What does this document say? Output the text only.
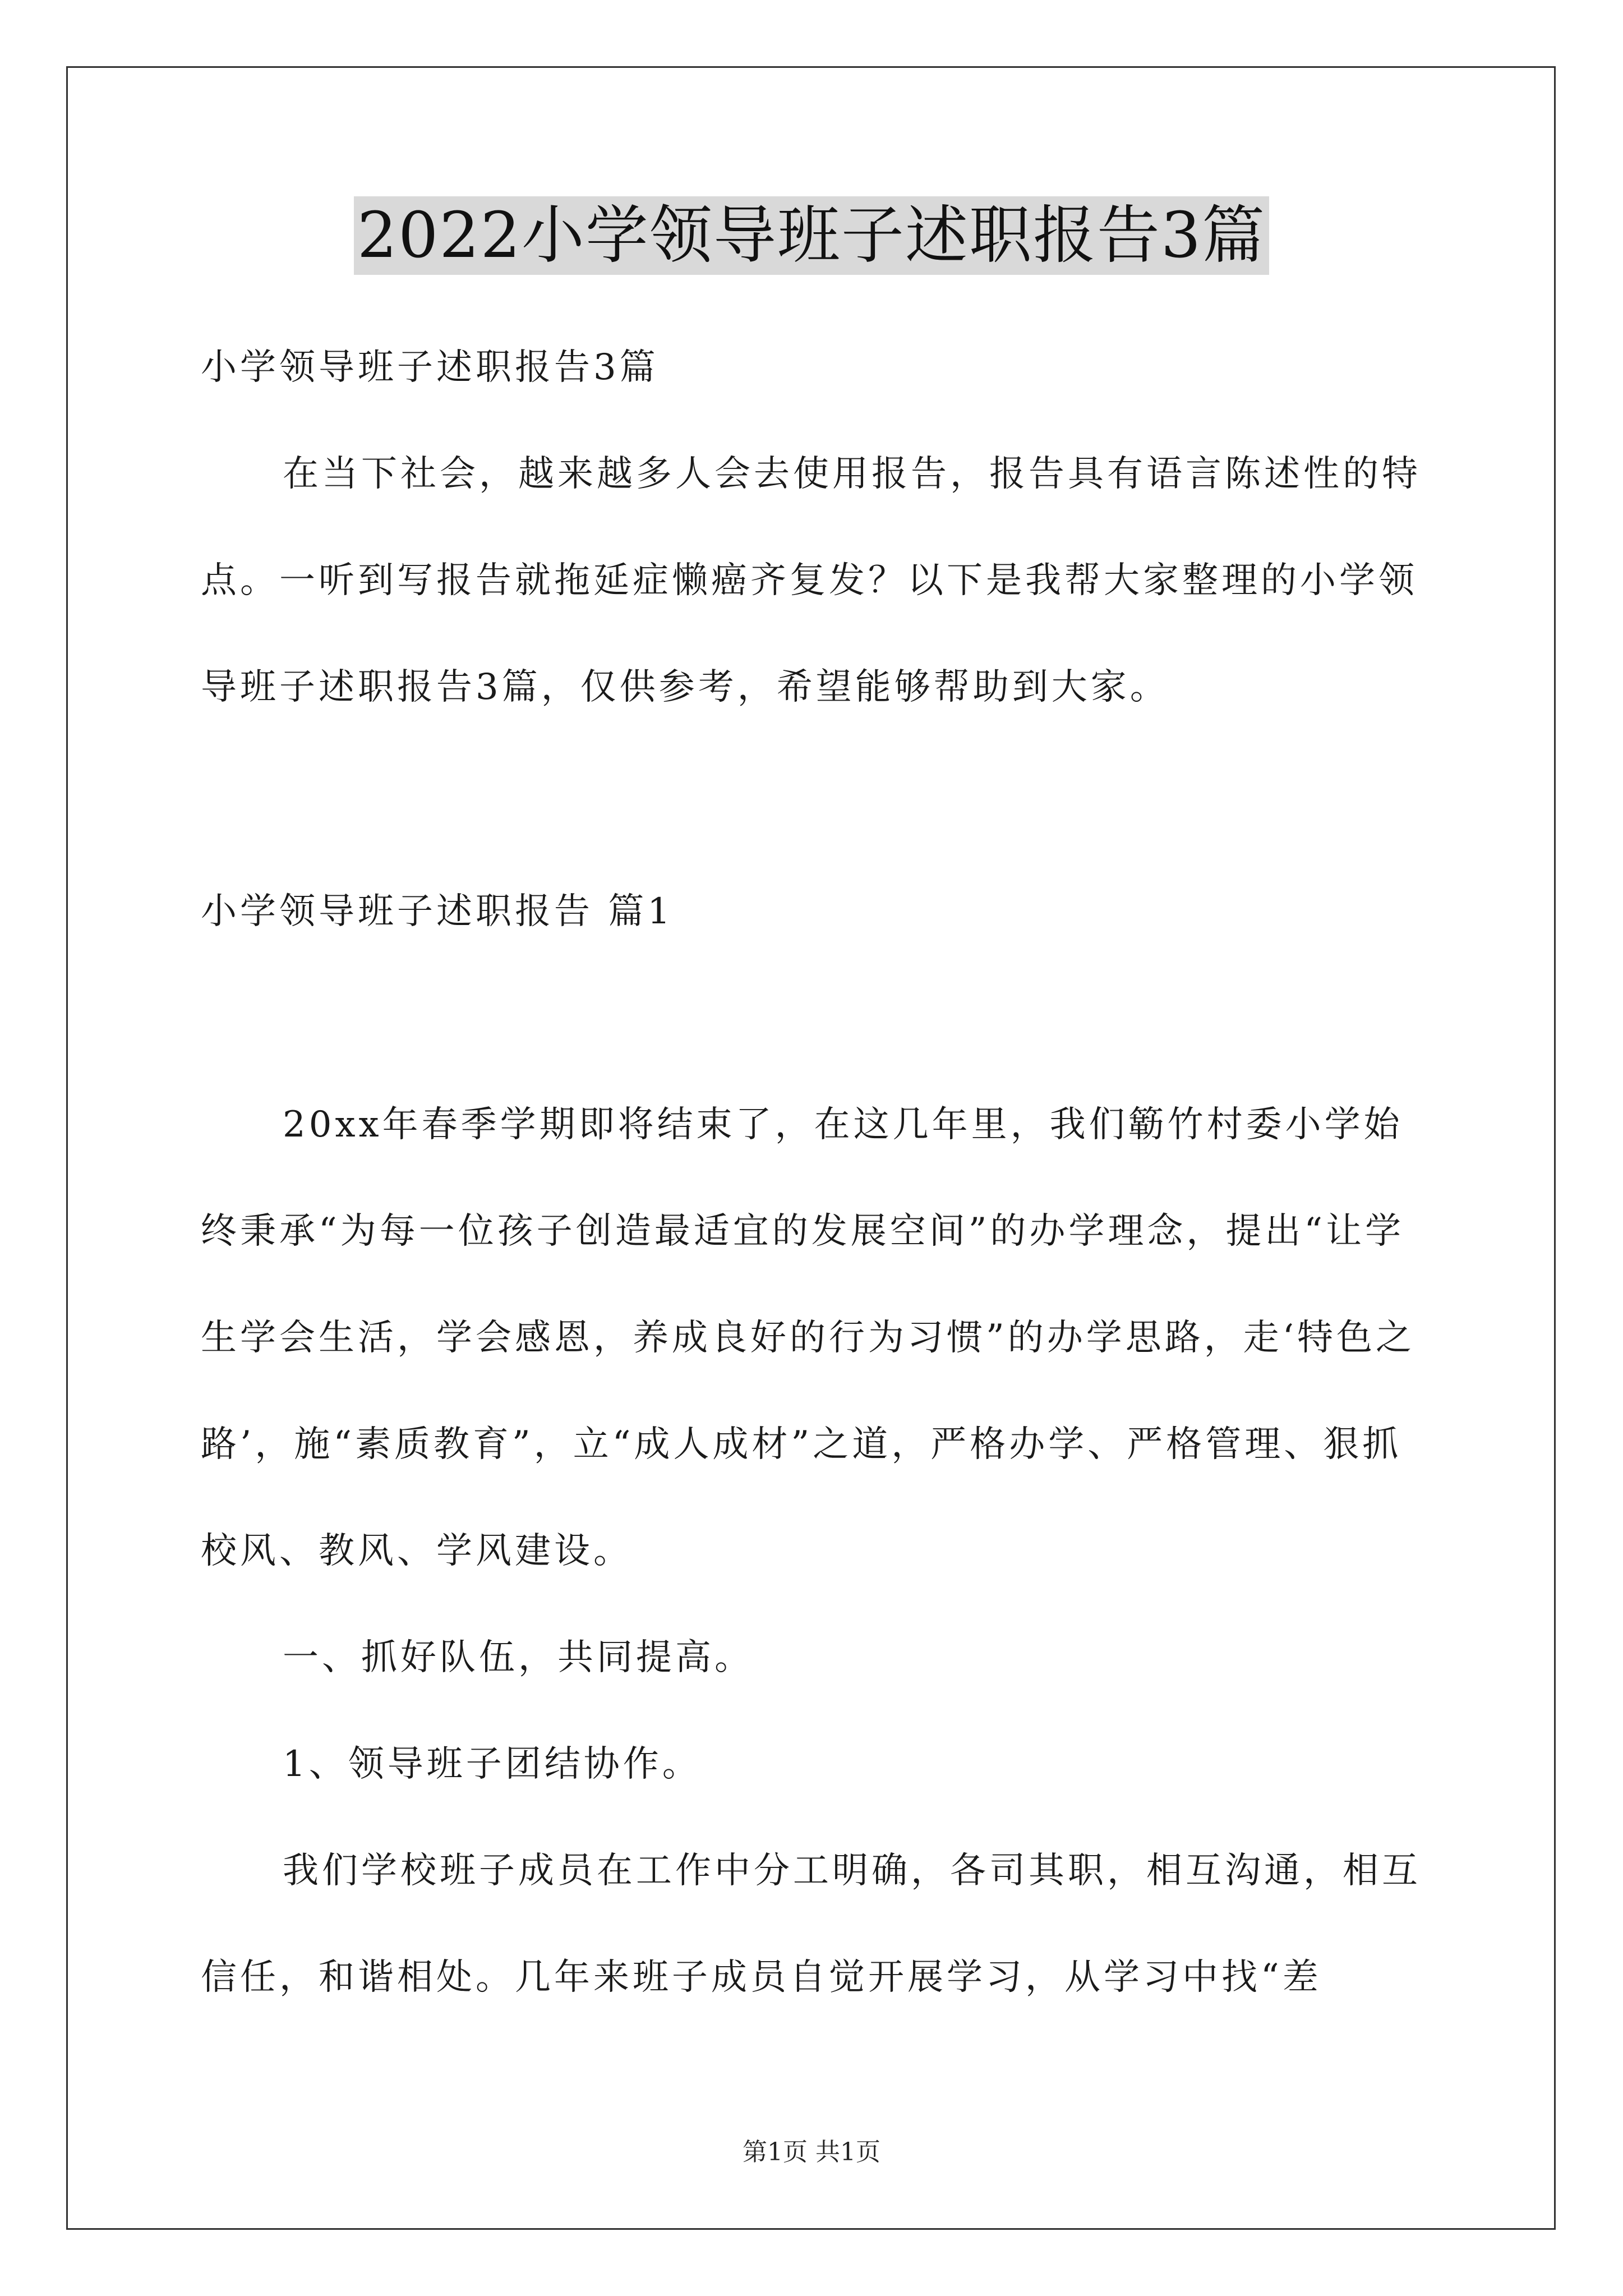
2022小学领导班子述职报告3篇

小学领导班子述职报告3篇

在当下社会，越来越多人会去使用报告，报告具有语言陈述性的特点。一听到写报告就拖延症懒癌齐复发？以下是我帮大家整理的小学领导班子述职报告3篇，仅供参考，希望能够帮助到大家。

小学领导班子述职报告 篇1

20xx年春季学期即将结束了，在这几年里，我们簕竹村委小学始终秉承“为每一位孩子创造最适宜的发展空间”的办学理念，提出“让学生学会生活，学会感恩，养成良好的行为习惯”的办学思路，走‘特色之路’，施“素质教育”，立“成人成材”之道，严格办学、严格管理、狠抓校风、教风、学风建设。

一、抓好队伍，共同提高。

1、领导班子团结协作。

我们学校班子成员在工作中分工明确，各司其职，相互沟通，相互信任，和谐相处。几年来班子成员自觉开展学习，从学习中找“差

第1页 共1页
